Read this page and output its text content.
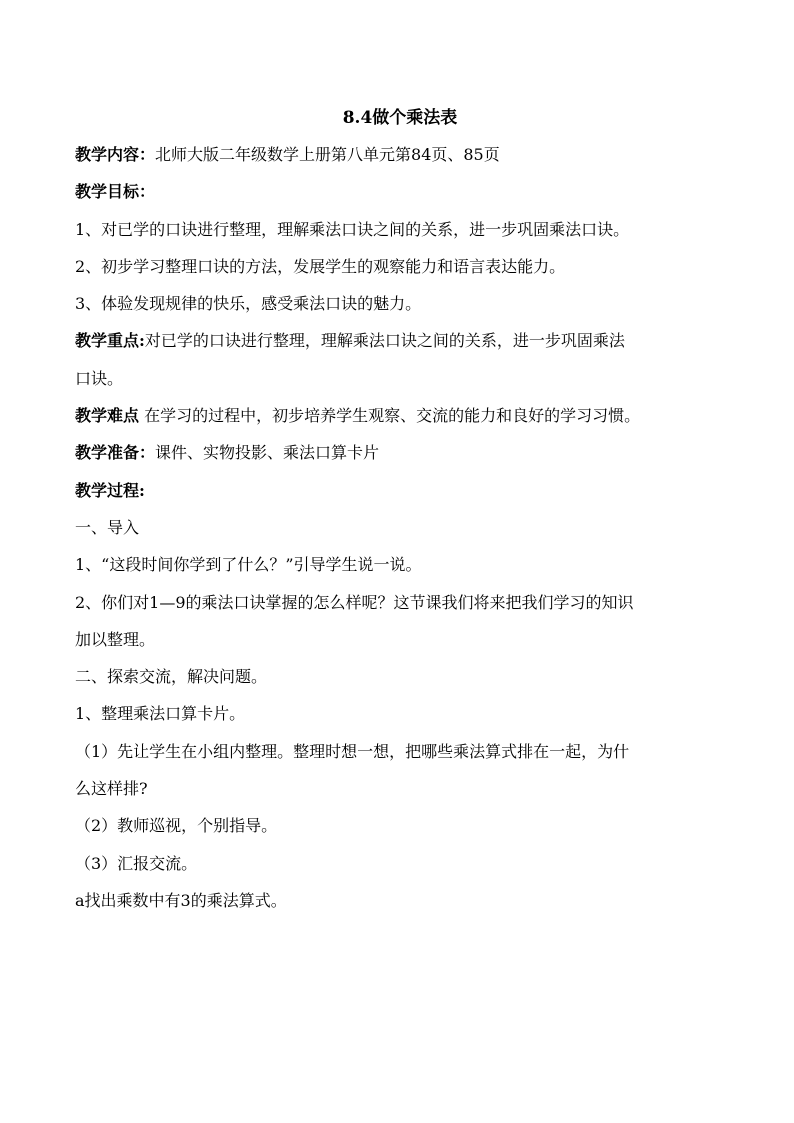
8.4做个乘法表

教学内容：北师大版二年级数学上册第八单元第84页、85页

教学目标：

1、对已学的口诀进行整理，理解乘法口诀之间的关系，进一步巩固乘法口诀。

2、初步学习整理口诀的方法，发展学生的观察能力和语言表达能力。

3、体验发现规律的快乐，感受乘法口诀的魅力。

教学重点:对已学的口诀进行整理，理解乘法口诀之间的关系，进一步巩固乘法

口诀。

教学难点 在学习的过程中，初步培养学生观察、交流的能力和良好的学习习惯。

教学准备：课件、实物投影、乘法口算卡片

教学过程:

一、导入

1、“这段时间你学到了什么？”引导学生说一说。

2、你们对1—9的乘法口诀掌握的怎么样呢？这节课我们将来把我们学习的知识

加以整理。

二、探索交流，解决问题。

1、整理乘法口算卡片。

（1）先让学生在小组内整理。整理时想一想，把哪些乘法算式排在一起，为什

么这样排?

（2）教师巡视，个别指导。

（3）汇报交流。

a找出乘数中有3的乘法算式。
